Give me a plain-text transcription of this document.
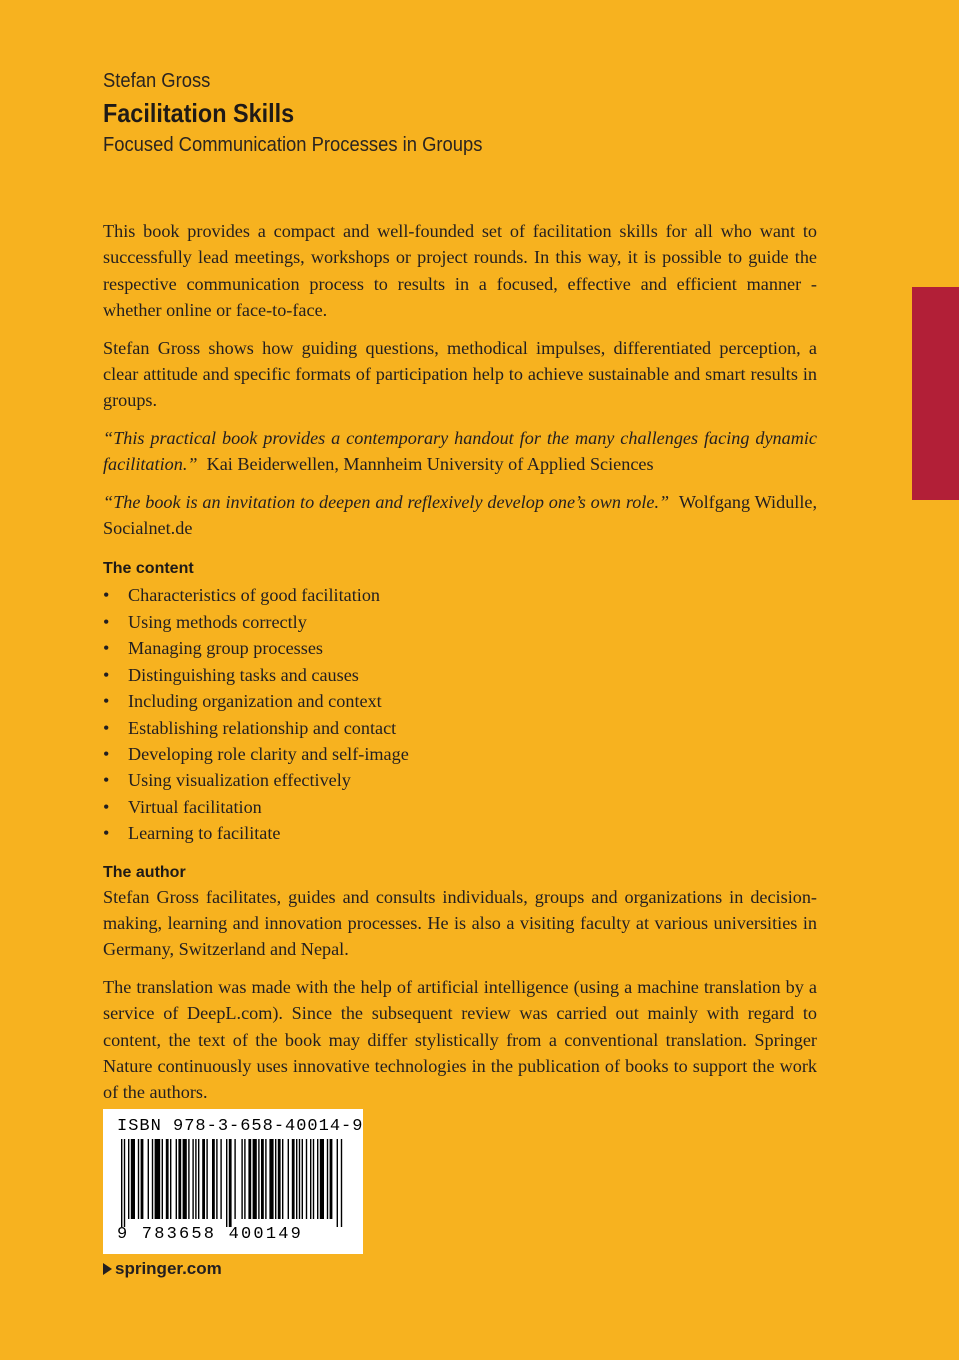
Stefan Gross
Facilitation Skills
Focused Communication Processes in Groups

This book provides a compact and well-founded set of facilitation skills for all who want to successfully lead meetings, workshops or project rounds. In this way, it is possible to guide the respective communication process to results in a focused, effective and efficient manner - whether online or face-to-face.

Stefan Gross shows how guiding questions, methodical impulses, differentiated perception, a clear attitude and specific formats of participation help to achieve sustainable and smart results in groups.

“This practical book provides a contemporary handout for the many challenges facing dynamic facilitation.” Kai Beiderwellen, Mannheim University of Applied Sciences

“The book is an invitation to deepen and reflexively develop one’s own role.” Wolfgang Widulle, Socialnet.de

The content
• Characteristics of good facilitation
• Using methods correctly
• Managing group processes
• Distinguishing tasks and causes
• Including organization and context
• Establishing relationship and contact
• Developing role clarity and self-image
• Using visualization effectively
• Virtual facilitation
• Learning to facilitate
The author

Stefan Gross facilitates, guides and consults individuals, groups and organizations in decision-making, learning and innovation processes. He is also a visiting faculty at various universities in Germany, Switzerland and Nepal.

The translation was made with the help of artificial intelligence (using a machine translation by a service of DeepL.com). Since the subsequent review was carried out mainly with regard to content, the text of the book may differ stylistically from a conventional translation. Springer Nature continuously uses innovative technologies in the publication of books to support the work of the authors.

ISBN 978-3-658-40014-9
9 783658 400149
springer.com
